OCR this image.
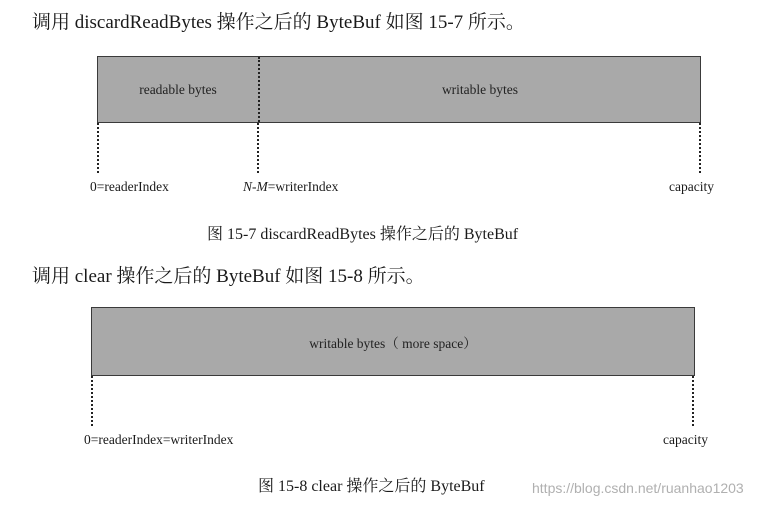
调用 discardReadBytes 操作之后的 ByteBuf 如图 15-7 所示。
readable bytes	writable bytes
0=readerIndex	N-M=writerIndex	capacity
图 15-7 discardReadBytes 操作之后的 ByteBuf
调用 clear 操作之后的 ByteBuf 如图 15-8 所示。
writable bytes（ more space）
0=readerIndex=writerIndex	capacity
图 15-8 clear 操作之后的 ByteBuf	https://blog.csdn.net/ruanhao1203
